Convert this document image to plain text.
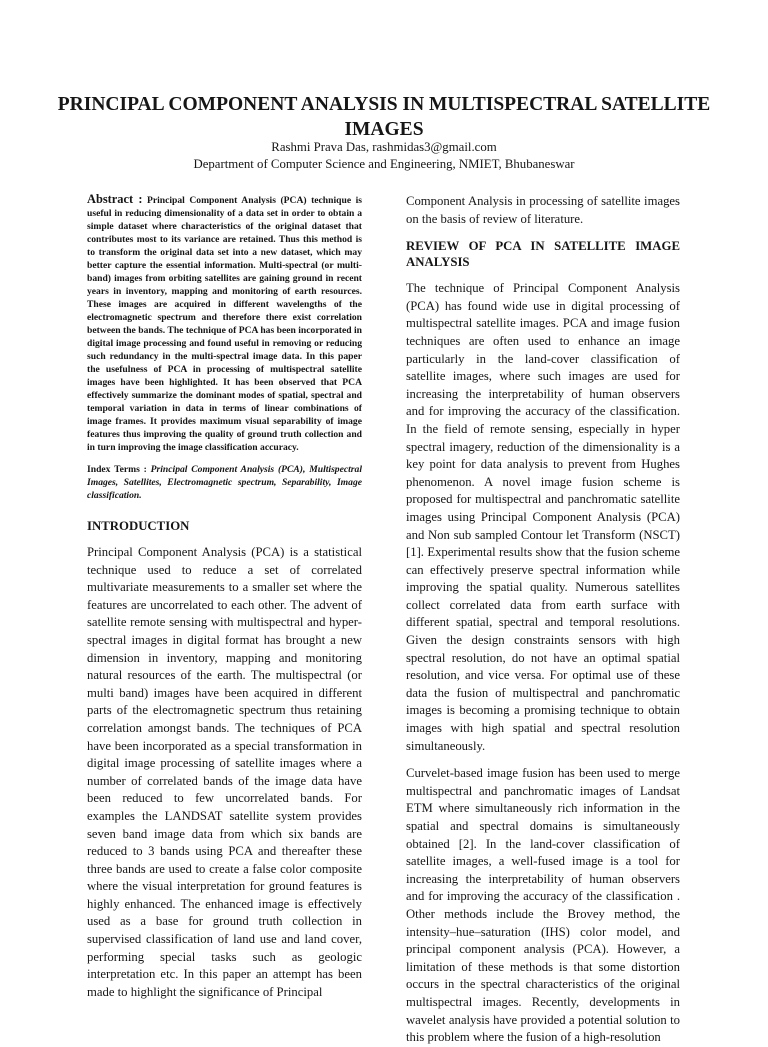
PRINCIPAL COMPONENT ANALYSIS IN MULTISPECTRAL SATELLITE IMAGES
Rashmi Prava Das, rashmidas3@gmail.com
Department of Computer Science and Engineering, NMIET, Bhubaneswar

Abstract : Principal Component Analysis (PCA) technique is useful in reducing dimensionality of a data set in order to obtain a simple dataset where characteristics of the original dataset that contributes most to its variance are retained. Thus this method is to transform the original data set into a new dataset, which may better capture the essential information. Multi-spectral (or multi-band) images from orbiting satellites are gaining ground in recent years in inventory, mapping and monitoring of earth resources. These images are acquired in different wavelengths of the electromagnetic spectrum and therefore there exist correlation between the bands. The technique of PCA has been incorporated in digital image processing and found useful in removing or reducing such redundancy in the multi-spectral image data. In this paper the usefulness of PCA in processing of multispectral satellite images have been highlighted. It has been observed that PCA effectively summarize the dominant modes of spatial, spectral and temporal variation in data in terms of linear combinations of image frames. It provides maximum visual separability of image features thus improving the quality of ground truth collection and in turn improving the image classification accuracy.

Index Terms : Principal Component Analysis (PCA), Multispectral Images, Satellites, Electromagnetic spectrum, Separability, Image classification.

INTRODUCTION

Principal Component Analysis (PCA) is a statistical technique used to reduce a set of correlated multivariate measurements to a smaller set where the features are uncorrelated to each other. The advent of satellite remote sensing with multispectral and hyper-spectral images in digital format has brought a new dimension in inventory, mapping and monitoring natural resources of the earth. The multispectral (or multi band) images have been acquired in different parts of the electromagnetic spectrum thus retaining correlation amongst bands. The techniques of PCA have been incorporated as a special transformation in digital image processing of satellite images where a number of correlated bands of the image data have been reduced to few uncorrelated bands. For examples the LANDSAT satellite system provides seven band image data from which six bands are reduced to 3 bands using PCA and thereafter these three bands are used to create a false color composite where the visual interpretation for ground features is highly enhanced. The enhanced image is effectively used as a base for ground truth collection in supervised classification of land use and land cover, performing special tasks such as geologic interpretation etc. In this paper an attempt has been made to highlight the significance of Principal

Component Analysis in processing of satellite images on the basis of review of literature.

REVIEW OF PCA IN SATELLITE IMAGE ANALYSIS

The technique of Principal Component Analysis (PCA) has found wide use in digital processing of multispectral satellite images. PCA and image fusion techniques are often used to enhance an image particularly in the land-cover classification of satellite images, where such images are used for increasing the interpretability of human observers and for improving the accuracy of the classification. In the field of remote sensing, especially in hyper spectral imagery, reduction of the dimensionality is a key point for data analysis to prevent from Hughes phenomenon. A novel image fusion scheme is proposed for multispectral and panchromatic satellite images using Principal Component Analysis (PCA) and Non sub sampled Contour let Transform (NSCT) [1]. Experimental results show that the fusion scheme can effectively preserve spectral information while improving the spatial quality. Numerous satellites collect correlated data from earth surface with different spatial, spectral and temporal resolutions. Given the design constraints sensors with high spectral resolution, do not have an optimal spatial resolution, and vice versa. For optimal use of these data the fusion of multispectral and panchromatic images is becoming a promising technique to obtain images with high spatial and spectral resolution simultaneously.

Curvelet-based image fusion has been used to merge multispectral and panchromatic images of Landsat ETM where simultaneously rich information in the spatial and spectral domains is simultaneously obtained [2]. In the land-cover classification of satellite images, a well-fused image is a tool for increasing the interpretability of human observers and for improving the accuracy of the classification . Other methods include the Brovey method, the intensity–hue–saturation (IHS) color model, and principal component analysis (PCA). However, a limitation of these methods is that some distortion occurs in the spectral characteristics of the original multispectral images. Recently, developments in wavelet analysis have provided a potential solution to this problem where the fusion of a high-resolution
